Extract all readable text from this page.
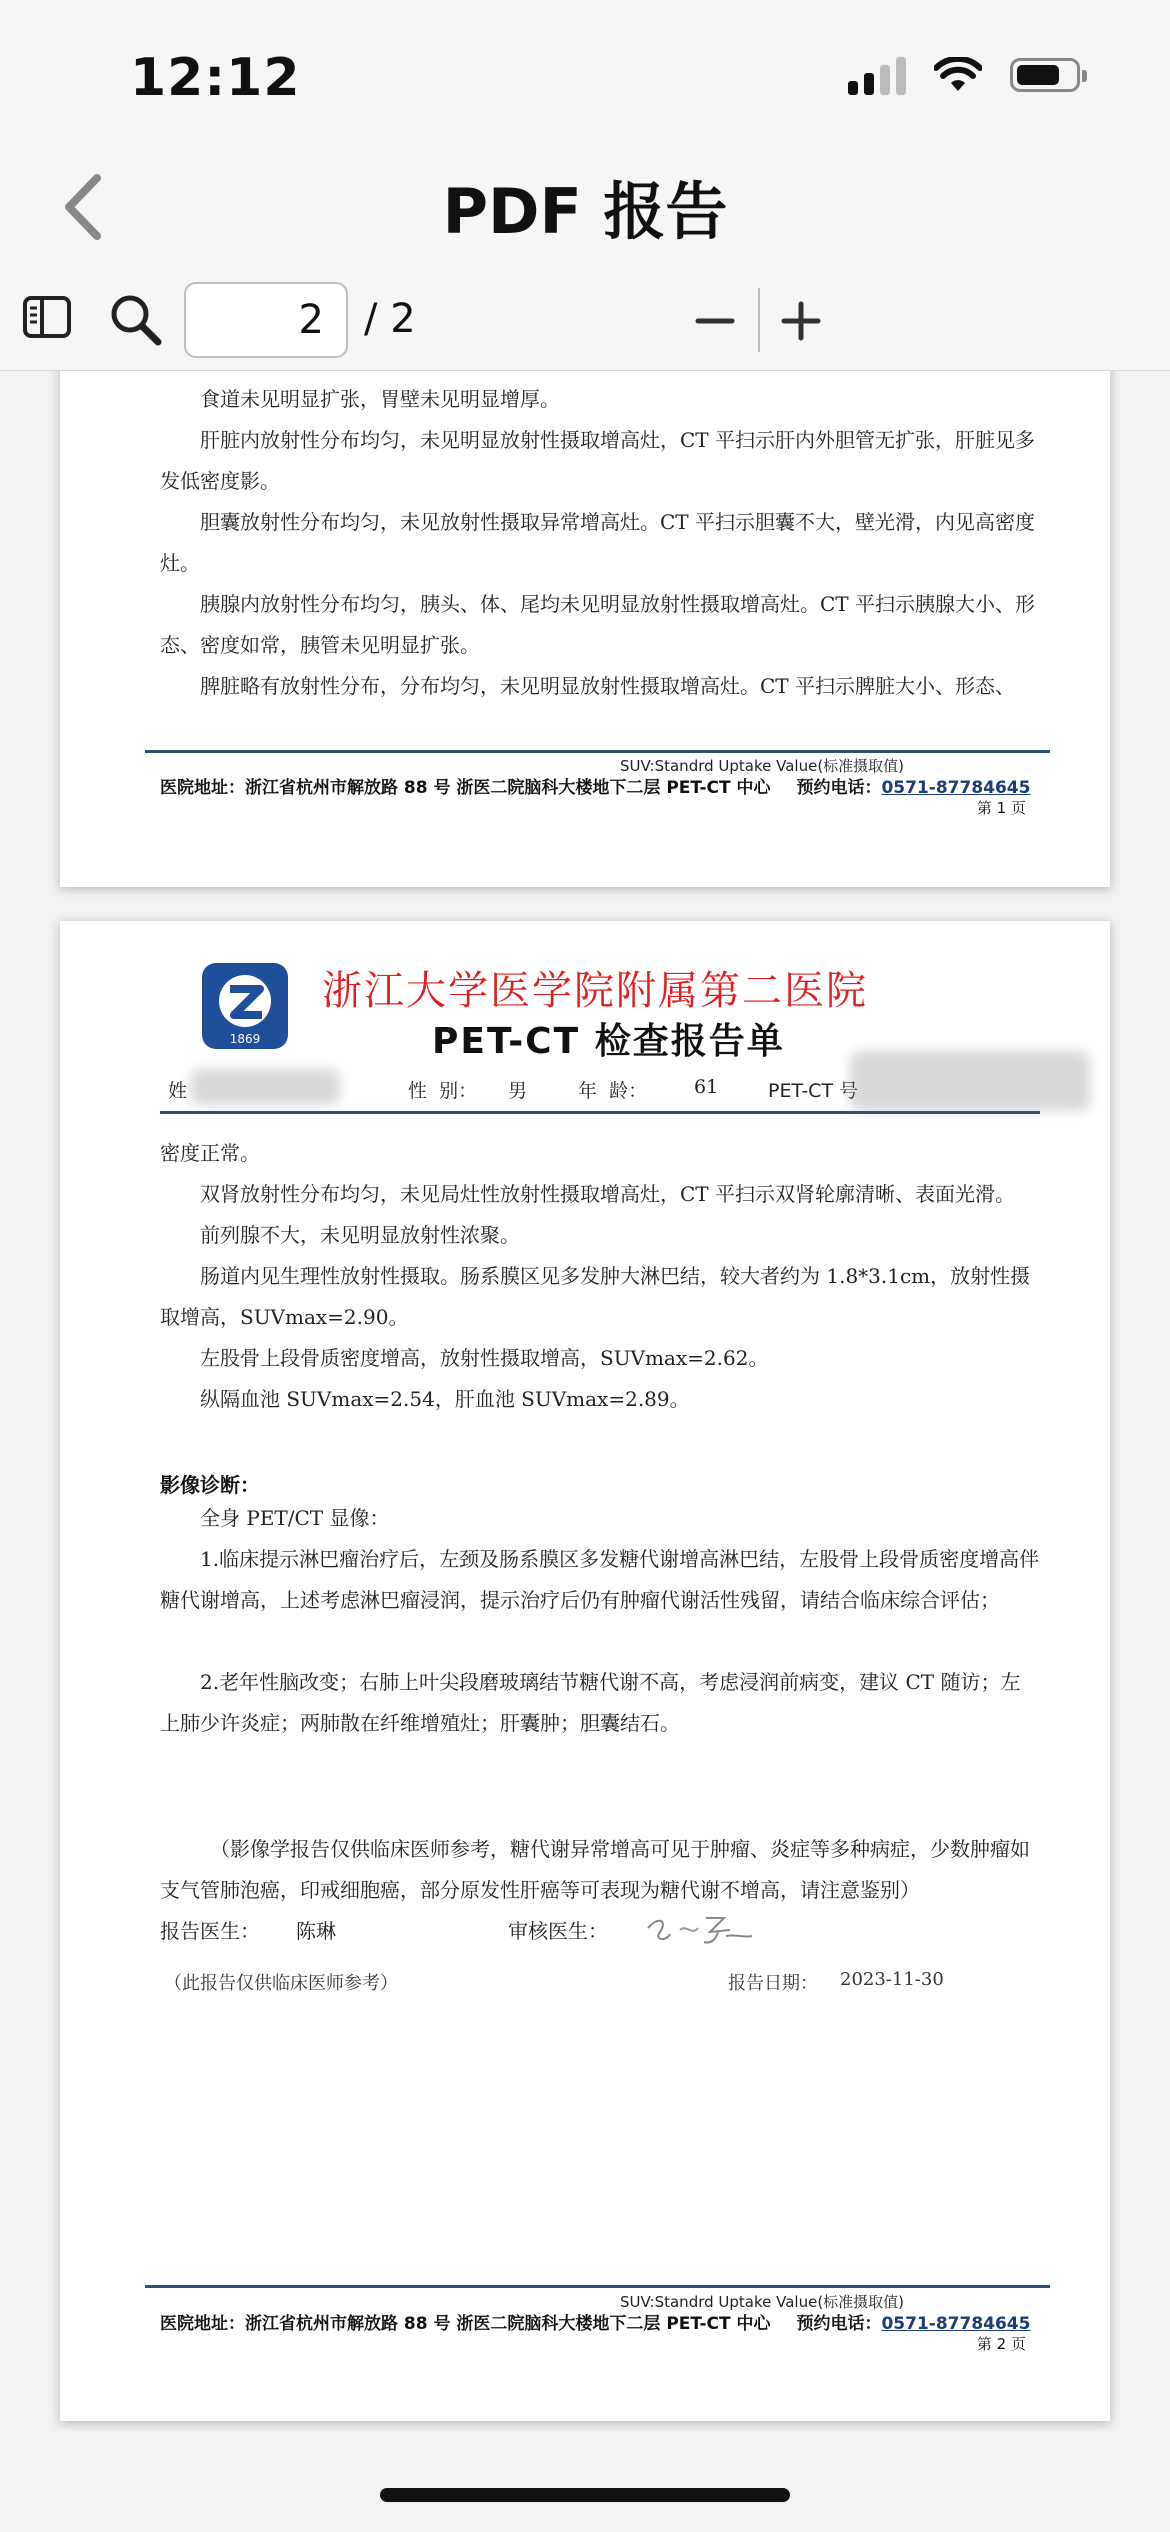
12:12
PDF 报告
2	/ 2
食道未见明显扩张，胃壁未见明显增厚。
肝脏内放射性分布均匀，未见明显放射性摄取增高灶，CT 平扫示肝内外胆管无扩张，肝脏见多发低密度影。
胆囊放射性分布均匀，未见放射性摄取异常增高灶。CT 平扫示胆囊不大，壁光滑，内见高密度灶。
胰腺内放射性分布均匀，胰头、体、尾均未见明显放射性摄取增高灶。CT 平扫示胰腺大小、形态、密度如常，胰管未见明显扩张。
脾脏略有放射性分布，分布均匀，未见明显放射性摄取增高灶。CT 平扫示脾脏大小、形态、
SUV:Standrd Uptake Value(标准摄取值)
医院地址：浙江省杭州市解放路 88 号 浙医二院脑科大楼地下二层 PET-CT 中心 预约电话：0571-87784645
第 1 页
1869
浙江大学医学院附属第二医院
PET-CT 检查报告单
姓	性  别： 男	年  龄： 61	PET-CT 号
密度正常。
双肾放射性分布均匀，未见局灶性放射性摄取增高灶，CT 平扫示双肾轮廓清晰、表面光滑。
前列腺不大，未见明显放射性浓聚。
肠道内见生理性放射性摄取。肠系膜区见多发肿大淋巴结，较大者约为 1.8*3.1cm，放射性摄取增高，SUVmax=2.90。
左股骨上段骨质密度增高，放射性摄取增高，SUVmax=2.62。
纵隔血池 SUVmax=2.54，肝血池 SUVmax=2.89。
影像诊断：
全身 PET/CT 显像：
1.临床提示淋巴瘤治疗后，左颈及肠系膜区多发糖代谢增高淋巴结，左股骨上段骨质密度增高伴糖代谢增高，上述考虑淋巴瘤浸润，提示治疗后仍有肿瘤代谢活性残留，请结合临床综合评估；
2.老年性脑改变；右肺上叶尖段磨玻璃结节糖代谢不高，考虑浸润前病变，建议 CT 随访；左上肺少许炎症；两肺散在纤维增殖灶；肝囊肿；胆囊结石。
（影像学报告仅供临床医师参考，糖代谢异常增高可见于肿瘤、炎症等多种病症，少数肿瘤如支气管肺泡癌，印戒细胞癌，部分原发性肝癌等可表现为糖代谢不增高，请注意鉴别）
报告医生： 陈琳	审核医生：
（此报告仅供临床医师参考）	报告日期： 2023-11-30
SUV:Standrd Uptake Value(标准摄取值)
医院地址：浙江省杭州市解放路 88 号 浙医二院脑科大楼地下二层 PET-CT 中心 预约电话：0571-87784645
第 2 页
